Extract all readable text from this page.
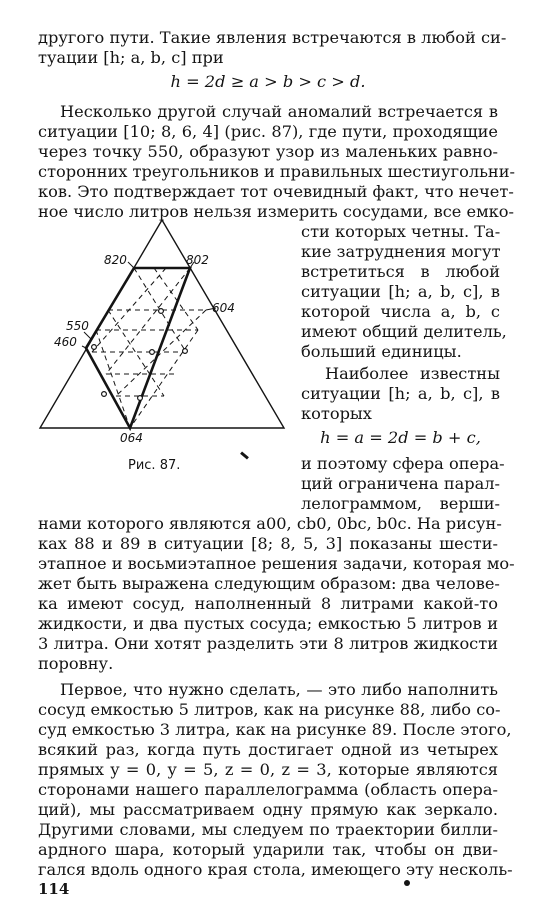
другого пути. Такие явления встречаются в любой си-
туации [h; a, b, c] при
h = 2d ≥ a > b > c > d.
Несколько другой случай аномалий встречается в
ситуации [10; 8, 6, 4] (рис. 87), где пути, проходящие
через точку 550, образуют узор из маленьких равно-
сторонних треугольников и правильных шестиугольни-
ков. Это подтверждает тот очевидный факт, что нечет-
ное число литров нельзя измерить сосудами, все емко-
сти которых четны. Та-
кие затруднения могут
встретиться в любой
ситуации [h; a, b, c], в
которой числа a, b, c
имеют общий делитель,
больший единицы.
Наиболее известны
ситуации [h; a, b, c], в
которых
h = a = 2d = b + c,
и поэтому сфера опера-
ций ограничена парал-
лелограммом, верши-
820	802
604
550
460
064
Рис. 87.
нами которого являются a00, cb0, 0bc, b0c. На рисун-
ках 88 и 89 в ситуации [8; 8, 5, 3] показаны шести-
этапное и восьмиэтапное решения задачи, которая мо-
жет быть выражена следующим образом: два челове-
ка имеют сосуд, наполненный 8 литрами какой-то
жидкости, и два пустых сосуда; емкостью 5 литров и
3 литра. Они хотят разделить эти 8 литров жидкости
поровну.
Первое, что нужно сделать, — это либо наполнить
сосуд емкостью 5 литров, как на рисунке 88, либо со-
суд емкостью 3 литра, как на рисунке 89. После этого,
всякий раз, когда путь достигает одной из четырех
прямых y = 0, y = 5, z = 0, z = 3, которые являются
сторонами нашего параллелограмма (область опера-
ций), мы рассматриваем одну прямую как зеркало.
Другими словами, мы следуем по траектории билли-
ардного шара, который ударили так, чтобы он дви-
гался вдоль одного края стола, имеющего эту несколь-
114
